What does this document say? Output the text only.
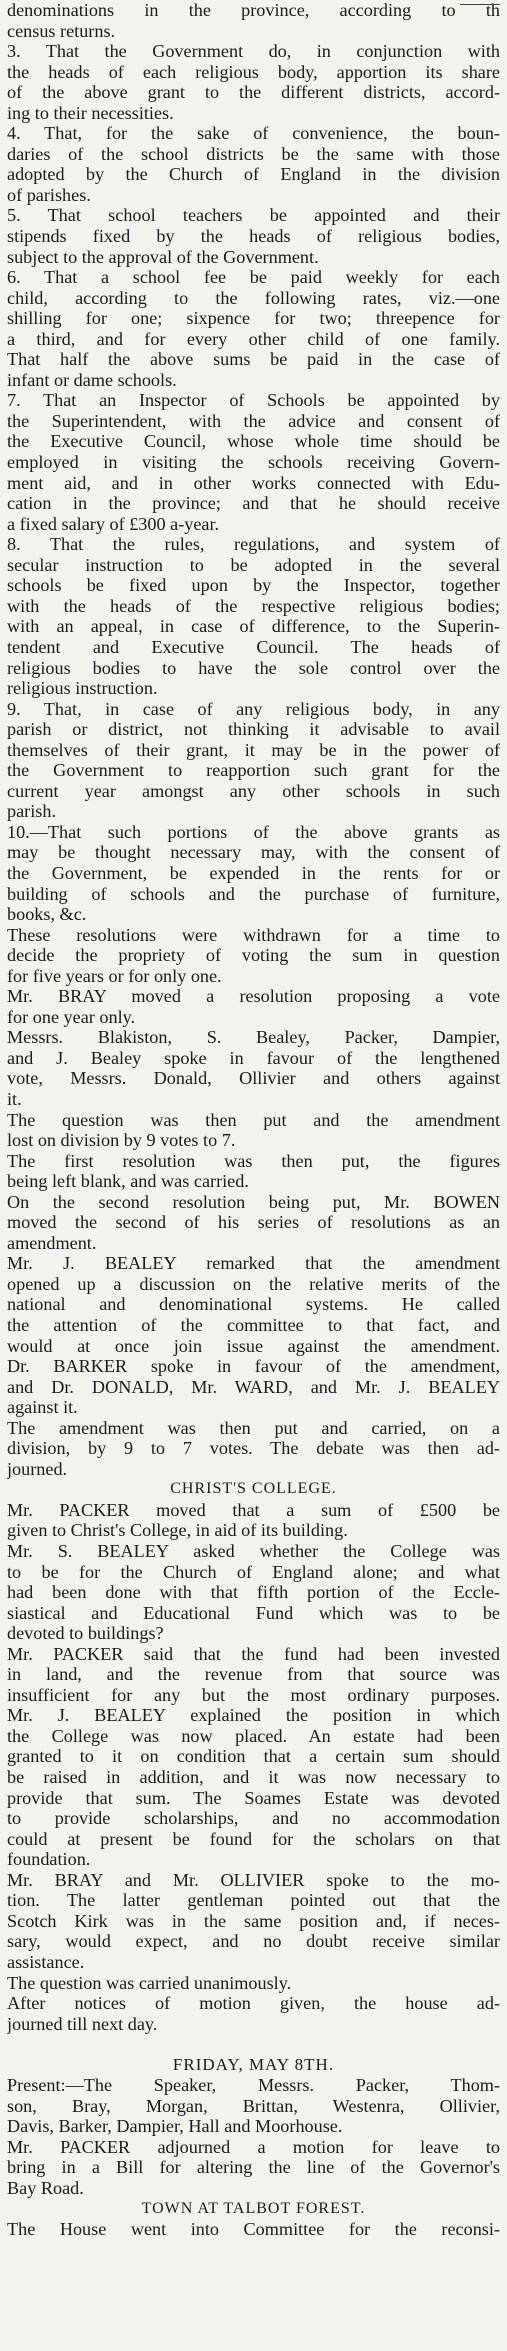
denominations in the province, according to th
census returns.
3. That the Government do, in conjunction with
the heads of each religious body, apportion its share
of the above grant to the different districts, accord-
ing to their necessities.
4. That, for the sake of convenience, the boun-
daries of the school districts be the same with those
adopted by the Church of England in the division
of parishes.
5. That school teachers be appointed and their
stipends fixed by the heads of religious bodies,
subject to the approval of the Government.
6. That a school fee be paid weekly for each
child, according to the following rates, viz.—one
shilling for one; sixpence for two; threepence for
a third, and for every other child of one family.
That half the above sums be paid in the case of
infant or dame schools.
7. That an Inspector of Schools be appointed by
the Superintendent, with the advice and consent of
the Executive Council, whose whole time should be
employed in visiting the schools receiving Govern-
ment aid, and in other works connected with Edu-
cation in the province; and that he should receive
a fixed salary of £300 a-year.
8. That the rules, regulations, and system of
secular instruction to be adopted in the several
schools be fixed upon by the Inspector, together
with the heads of the respective religious bodies;
with an appeal, in case of difference, to the Superin-
tendent and Executive Council. The heads of
religious bodies to have the sole control over the
religious instruction.
9. That, in case of any religious body, in any
parish or district, not thinking it advisable to avail
themselves of their grant, it may be in the power of
the Government to reapportion such grant for the
current year amongst any other schools in such
parish.
10.—That such portions of the above grants as
may be thought necessary may, with the consent of
the Government, be expended in the rents for or
building of schools and the purchase of furniture,
books, &c.
These resolutions were withdrawn for a time to
decide the propriety of voting the sum in question
for five years or for only one.
Mr. BRAY moved a resolution proposing a vote
for one year only.
Messrs. Blakiston, S. Bealey, Packer, Dampier,
and J. Bealey spoke in favour of the lengthened
vote, Messrs. Donald, Ollivier and others against
it.
The question was then put and the amendment
lost on division by 9 votes to 7.
The first resolution was then put, the figures
being left blank, and was carried.
On the second resolution being put, Mr. BOWEN
moved the second of his series of resolutions as an
amendment.
Mr. J. BEALEY remarked that the amendment
opened up a discussion on the relative merits of the
national and denominational systems. He called
the attention of the committee to that fact, and
would at once join issue against the amendment.
Dr. BARKER spoke in favour of the amendment,
and Dr. DONALD, Mr. WARD, and Mr. J. BEALEY
against it.
The amendment was then put and carried, on a
division, by 9 to 7 votes. The debate was then ad-
journed.
CHRIST'S COLLEGE.
Mr. PACKER moved that a sum of £500 be
given to Christ's College, in aid of its building.
Mr. S. BEALEY asked whether the College was
to be for the Church of England alone; and what
had been done with that fifth portion of the Eccle-
siastical and Educational Fund which was to be
devoted to buildings?
Mr. PACKER said that the fund had been invested
in land, and the revenue from that source was
insufficient for any but the most ordinary purposes.
Mr. J. BEALEY explained the position in which
the College was now placed. An estate had been
granted to it on condition that a certain sum should
be raised in addition, and it was now necessary to
provide that sum. The Soames Estate was devoted
to provide scholarships, and no accommodation
could at present be found for the scholars on that
foundation.
Mr. BRAY and Mr. OLLIVIER spoke to the mo-
tion. The latter gentleman pointed out that the
Scotch Kirk was in the same position and, if neces-
sary, would expect, and no doubt receive similar
assistance.
The question was carried unanimously.
After notices of motion given, the house ad-
journed till next day.
FRIDAY, MAY 8TH.
Present:—The Speaker, Messrs. Packer, Thom-
son, Bray, Morgan, Brittan, Westenra, Ollivier,
Davis, Barker, Dampier, Hall and Moorhouse.
Mr. PACKER adjourned a motion for leave to
bring in a Bill for altering the line of the Governor's
Bay Road.
TOWN AT TALBOT FOREST.
The House went into Committee for the reconsi-
